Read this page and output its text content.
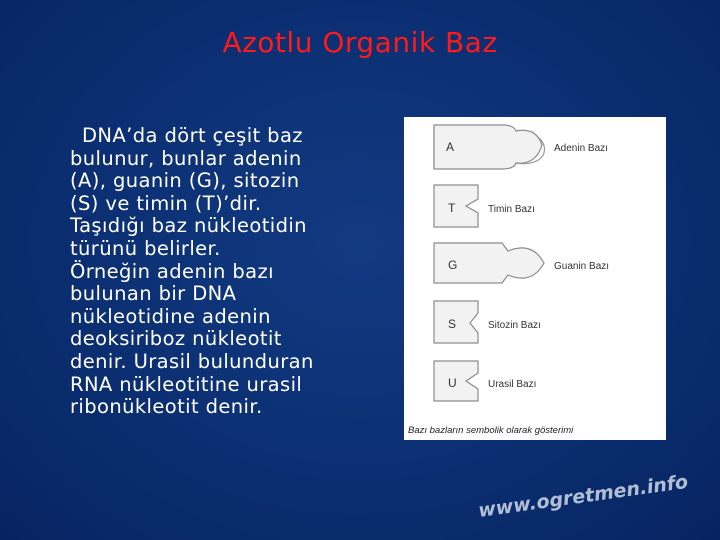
Azotlu Organik Baz
DNA’da dört çeşit baz
bulunur, bunlar adenin
(A), guanin (G), sitozin
(S) ve timin (T)’dir.
Taşıdığı baz nükleotidin
türünü belirler.
Örneğin adenin bazı
bulunan bir DNA
nükleotidine adenin
deoksiriboz nükleotit
denir. Urasil bulunduran
RNA nükleotitine urasil
ribonükleotit denir.
A	Adenin Bazı
T	Timin Bazı
G	Guanin Bazı
S	Sitozin Bazı
U	Urasil Bazı
Bazı bazların sembolik olarak gösterimi
www.ogretmen.info
